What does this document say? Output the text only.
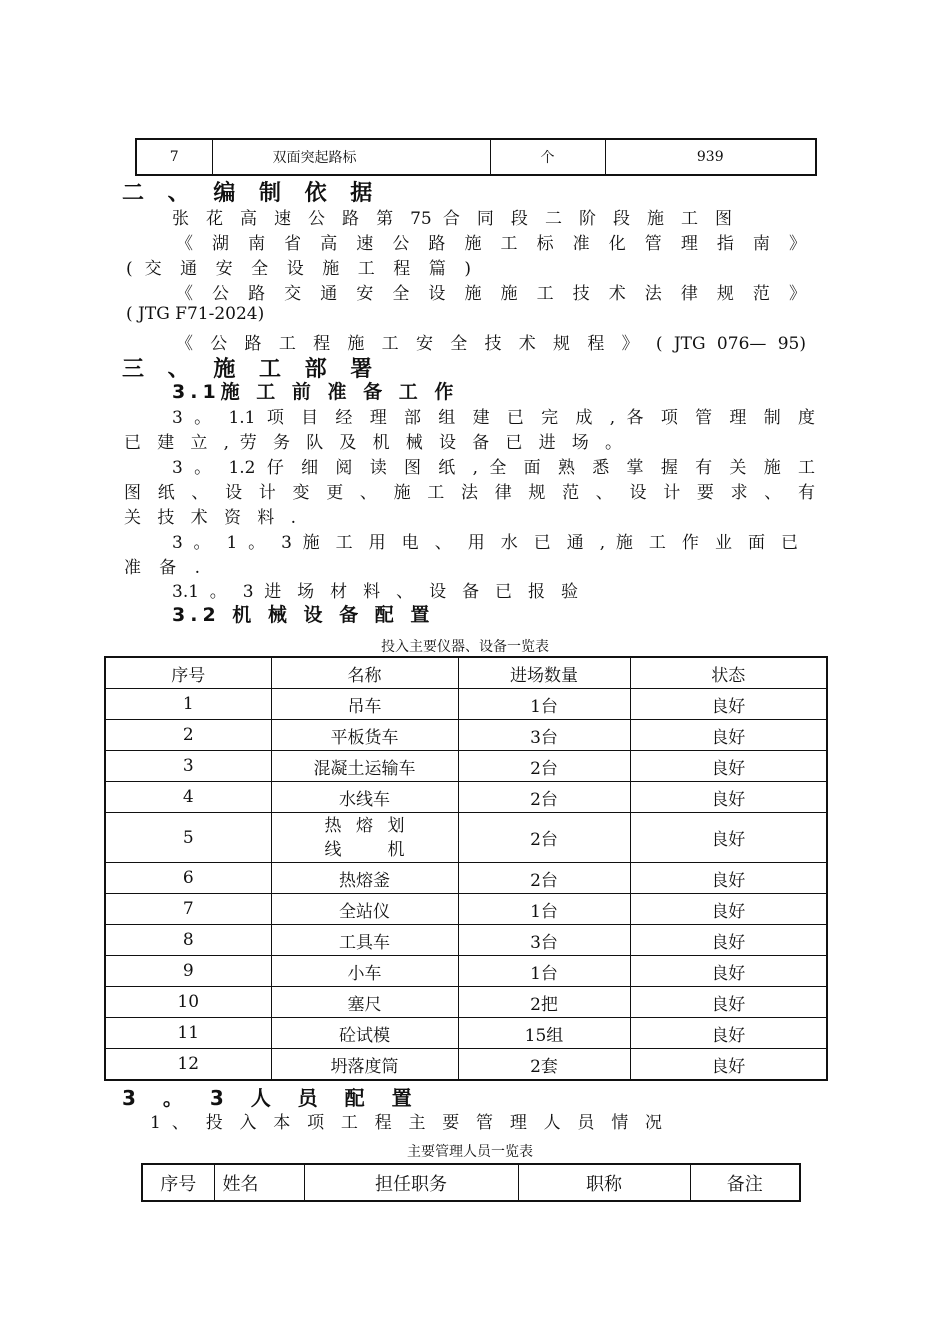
7	双面突起路标	个	939
二 、 编 制 依 据
张 花 高 速 公 路 第 75 合 同 段 二 阶 段 施 工 图
《 湖 南 省 高 速 公 路 施 工 标 准 化 管 理 指 南 》
( 交 通 安 全 设 施 工 程 篇 )
《 公 路 交 通 安 全 设 施 施 工 技 术 法 律 规 范 》
( JTG F71-2024)
《 公 路 工 程 施 工 安 全 技 术 规 程 》 ( JTG 076— 95)
三 、 施 工 部 署
3.1施 工 前 准 备 工 作
3 。 1.1 项 目 经 理 部 组 建 已 完 成 , 各 项 管 理 制 度
已 建 立 , 劳 务 队 及 机 械 设 备 已 进 场 。
3 。 1.2 仔 细 阅 读 图 纸 , 全 面 熟 悉 掌 握 有 关 施 工
图 纸 、 设 计 变 更 、 施 工 法 律 规 范 、 设 计 要 求 、 有
关 技 术 资 料 .
3 。 1 。 3 施 工 用 电 、 用 水 已 通 , 施 工 作 业 面 已
准 备 .
3.1 。 3 进 场 材 料 、 设 备 已 报 验
3.2 机 械 设 备 配 置
投入主要仪器、设备一览表
序号	名称	进场数量	状态
1	吊车	1台	良好
2	平板货车	3台	良好
3	混凝土运输车	2台	良好
4	水线车	2台	良好
5	热 熔 划 线 机	2台	良好
6	热熔釜	2台	良好
7	全站仪	1台	良好
8	工具车	3台	良好
9	小车	1台	良好
10	塞尺	2把	良好
11	砼试模	15组	良好
12	坍落度筒	2套	良好
3 。 3 人 员 配 置
1 、 投 入 本 项 工 程 主 要 管 理 人 员 情 况
主要管理人员一览表
序号	姓名	担任职务	职称	备注
